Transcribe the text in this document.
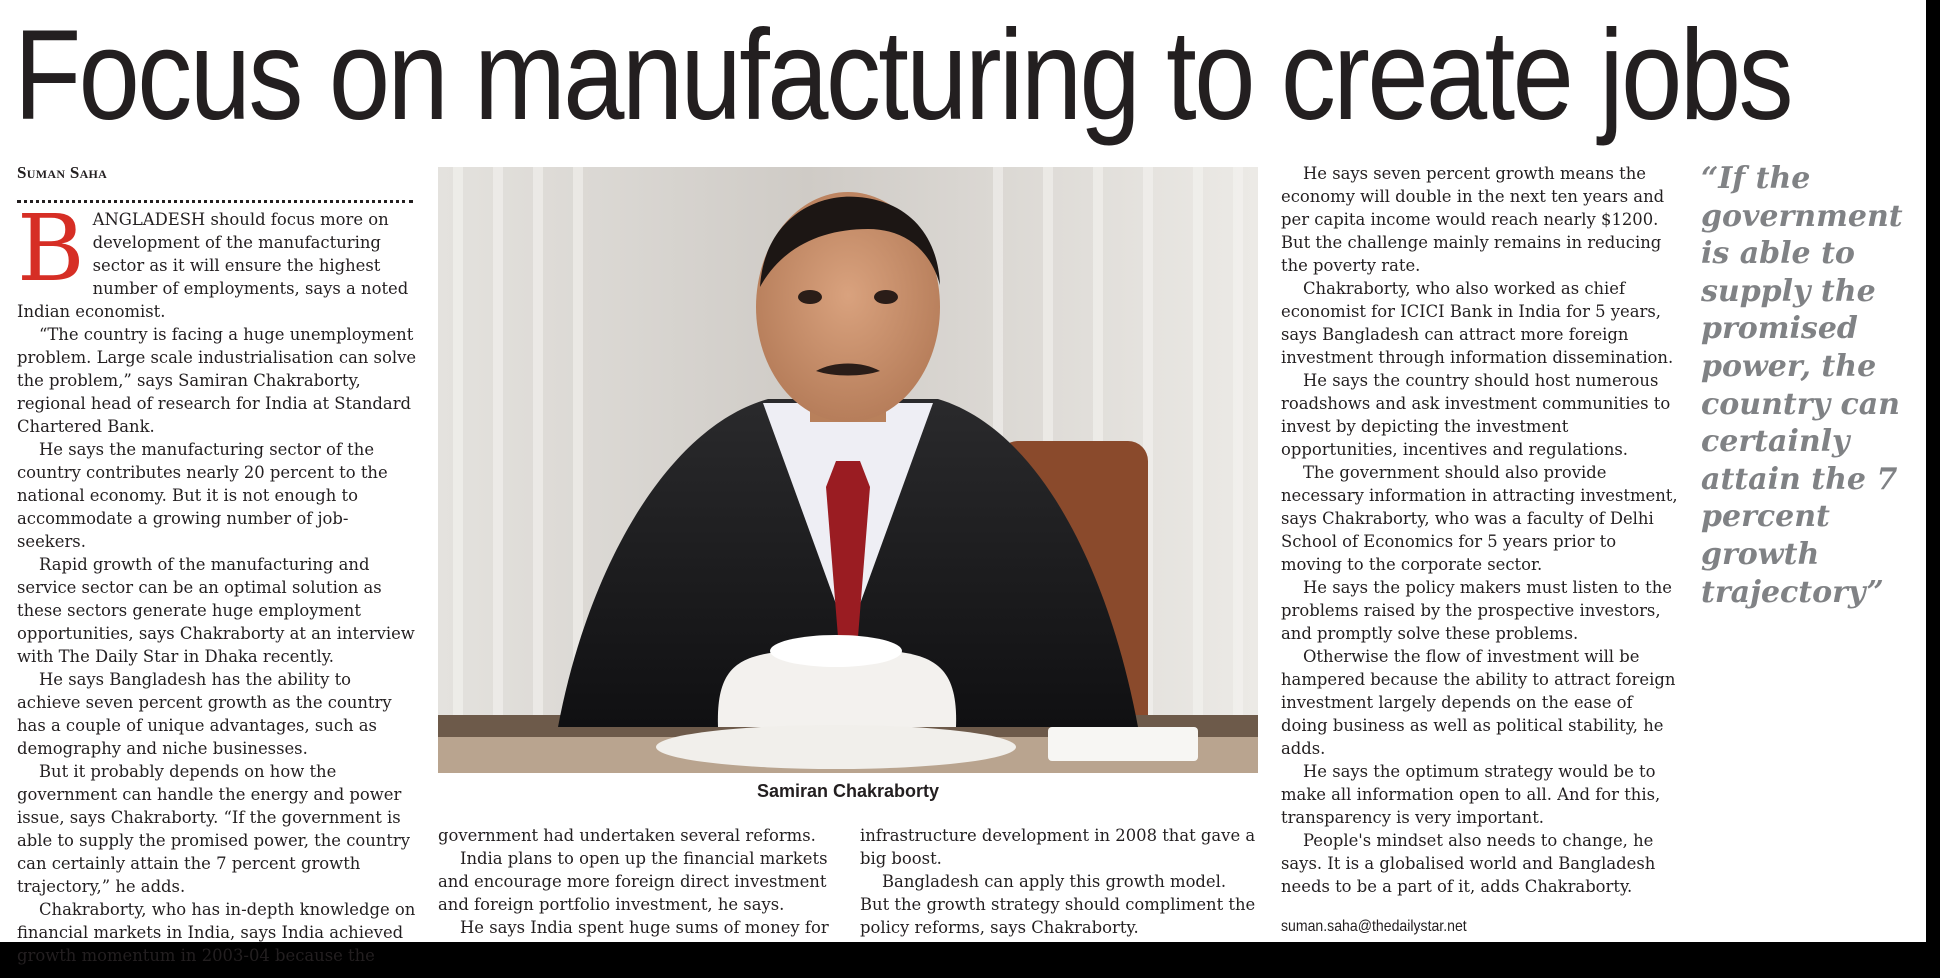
Focus on manufacturing to create jobs
Suman Saha

BANGLADESH should focus more on development of the manufacturing sector as it will ensure the highest number of employments, says a noted Indian economist.

“The country is facing a huge unemployment problem. Large scale industrialisation can solve the problem,” says Samiran Chakraborty, regional head of research for India at Standard Chartered Bank.

He says the manufacturing sector of the country contributes nearly 20 percent to the national economy. But it is not enough to accommodate a growing number of job-seekers.

Rapid growth of the manufacturing and service sector can be an optimal solution as these sectors generate huge employment opportunities, says Chakraborty at an interview with The Daily Star in Dhaka recently.

He says Bangladesh has the ability to achieve seven percent growth as the country has a couple of unique advantages, such as demography and niche businesses.

But it probably depends on how the government can handle the energy and power issue, says Chakraborty. “If the government is able to supply the promised power, the country can certainly attain the 7 percent growth trajectory,” he adds.

Chakraborty, who has in-depth knowledge on financial markets in India, says India achieved growth momentum in 2003-04 because the

Samiran Chakraborty

government had undertaken several reforms.

India plans to open up the financial markets and encourage more foreign direct investment and foreign portfolio investment, he says.

He says India spent huge sums of money for

infrastructure development in 2008 that gave a big boost.

Bangladesh can apply this growth model. But the growth strategy should compliment the policy reforms, says Chakraborty.

He says seven percent growth means the economy will double in the next ten years and per capita income would reach nearly $1200. But the challenge mainly remains in reducing the poverty rate.

Chakraborty, who also worked as chief economist for ICICI Bank in India for 5 years, says Bangladesh can attract more foreign investment through information dissemination.

He says the country should host numerous roadshows and ask investment communities to invest by depicting the investment opportunities, incentives and regulations.

The government should also provide necessary information in attracting investment, says Chakraborty, who was a faculty of Delhi School of Economics for 5 years prior to moving to the corporate sector.

He says the policy makers must listen to the problems raised by the prospective investors, and promptly solve these problems.

Otherwise the flow of investment will be hampered because the ability to attract foreign investment largely depends on the ease of doing business as well as political stability, he adds.

He says the optimum strategy would be to make all information open to all. And for this, transparency is very important.

People's mindset also needs to change, he says. It is a globalised world and Bangladesh needs to be a part of it, adds Chakraborty.

suman.saha@thedailystar.net

“If the government is able to supply the promised power, the country can certainly attain the 7 percent growth trajectory”
